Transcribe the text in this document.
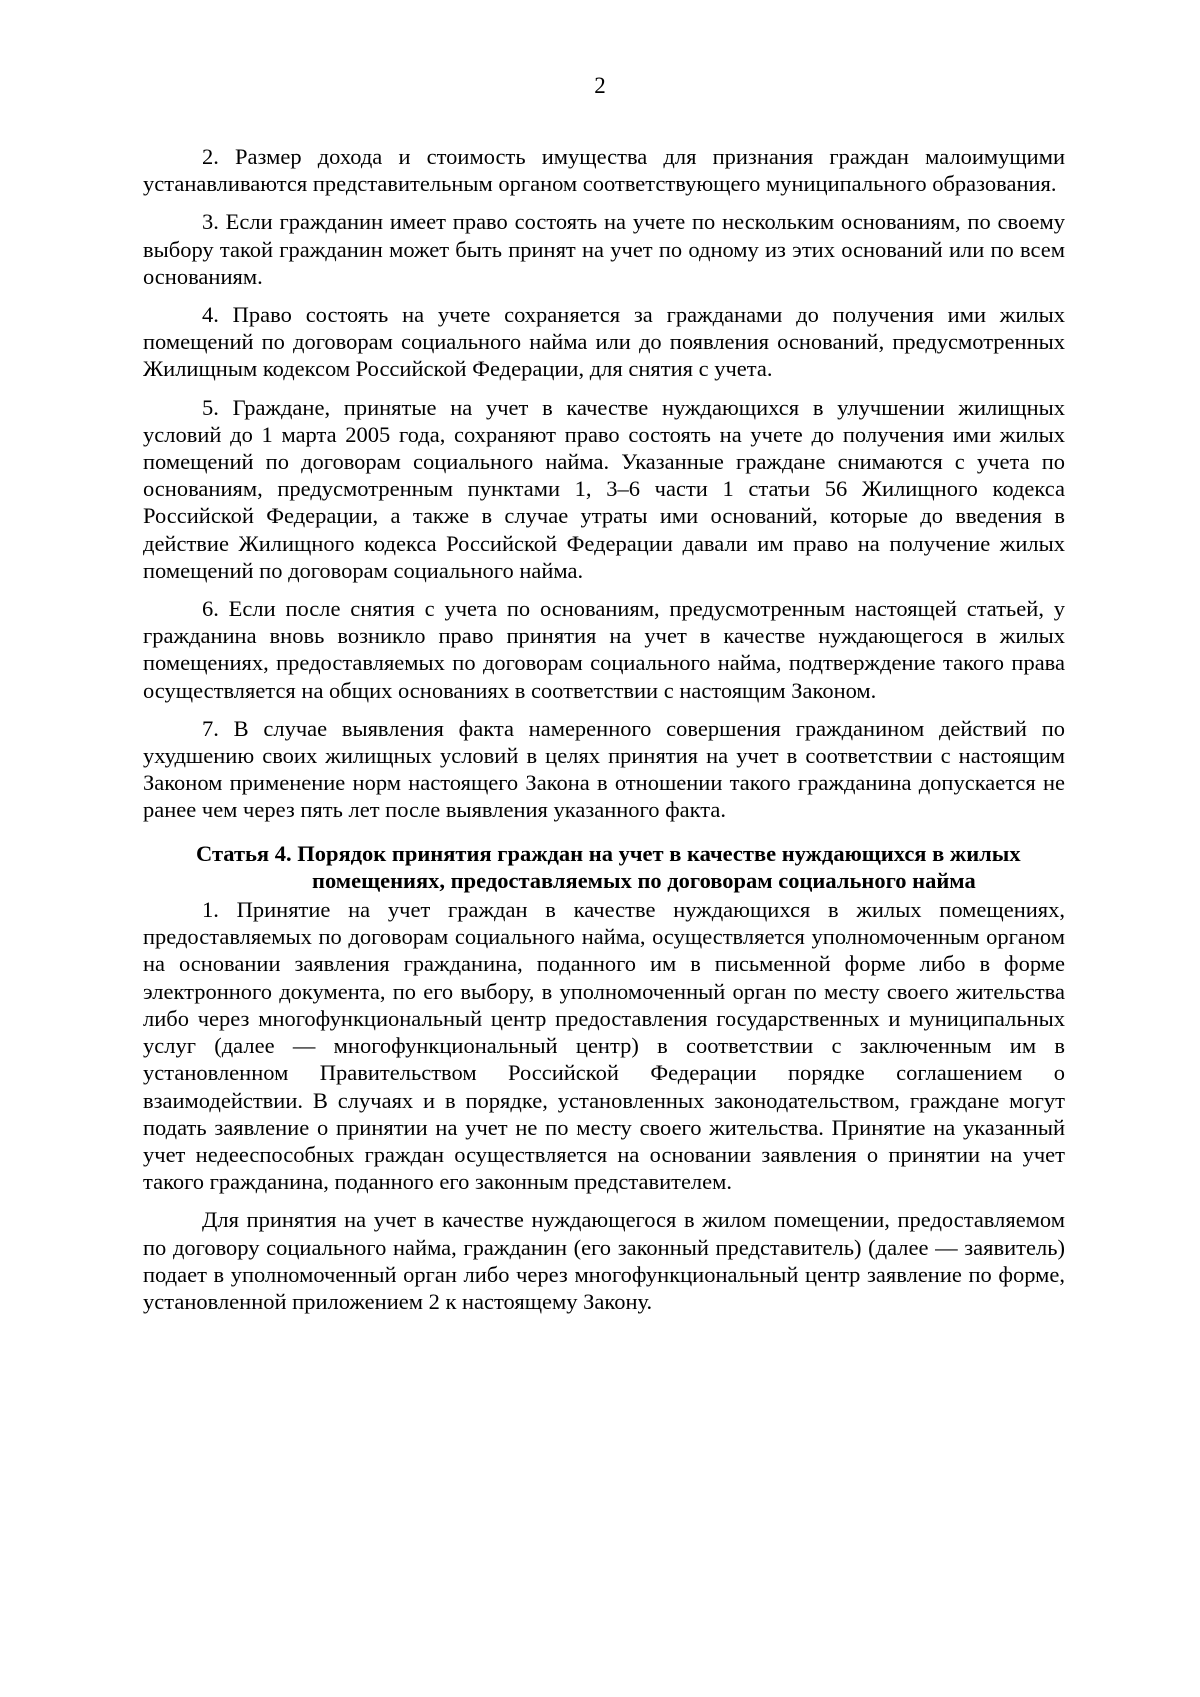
2

2. Размер дохода и стоимость имущества для признания граждан малоимущими устанавливаются представительным органом соответствующего муниципального образования.

3. Если гражданин имеет право состоять на учете по нескольким основаниям, по своему выбору такой гражданин может быть принят на учет по одному из этих оснований или по всем основаниям.

4. Право состоять на учете сохраняется за гражданами до получения ими жилых помещений по договорам социального найма или до появления оснований, предусмотренных Жилищным кодексом Российской Федерации, для снятия с учета.

5. Граждане, принятые на учет в качестве нуждающихся в улучшении жилищных условий до 1 марта 2005 года, сохраняют право состоять на учете до получения ими жилых помещений по договорам социального найма. Указанные граждане снимаются с учета по основаниям, предусмотренным пунктами 1, 3–6 части 1 статьи 56 Жилищного кодекса Российской Федерации, а также в случае утраты ими оснований, которые до введения в действие Жилищного кодекса Российской Федерации давали им право на получение жилых помещений по договорам социального найма.

6. Если после снятия с учета по основаниям, предусмотренным настоящей статьей, у гражданина вновь возникло право принятия на учет в качестве нуждающегося в жилых помещениях, предоставляемых по договорам социального найма, подтверждение такого права осуществляется на общих основаниях в соответствии с настоящим Законом.

7. В случае выявления факта намеренного совершения гражданином действий по ухудшению своих жилищных условий в целях принятия на учет в соответствии с настоящим Законом применение норм настоящего Закона в отношении такого гражданина допускается не ранее чем через пять лет после выявления указанного факта.

Статья 4. Порядок принятия граждан на учет в качестве нуждающихся в жилых помещениях, предоставляемых по договорам социального найма

1. Принятие на учет граждан в качестве нуждающихся в жилых помещениях, предоставляемых по договорам социального найма, осуществляется уполномоченным органом на основании заявления гражданина, поданного им в письменной форме либо в форме электронного документа, по его выбору, в уполномоченный орган по месту своего жительства либо через многофункциональный центр предоставления государственных и муниципальных услуг (далее — многофункциональный центр) в соответствии с заключенным им в установленном Правительством Российской Федерации порядке соглашением о взаимодействии. В случаях и в порядке, установленных законодательством, граждане могут подать заявление о принятии на учет не по месту своего жительства. Принятие на указанный учет недееспособных граждан осуществляется на основании заявления о принятии на учет такого гражданина, поданного его законным представителем.

Для принятия на учет в качестве нуждающегося в жилом помещении, предоставляемом по договору социального найма, гражданин (его законный представитель) (далее — заявитель) подает в уполномоченный орган либо через многофункциональный центр заявление по форме, установленной приложением 2 к настоящему Закону.
